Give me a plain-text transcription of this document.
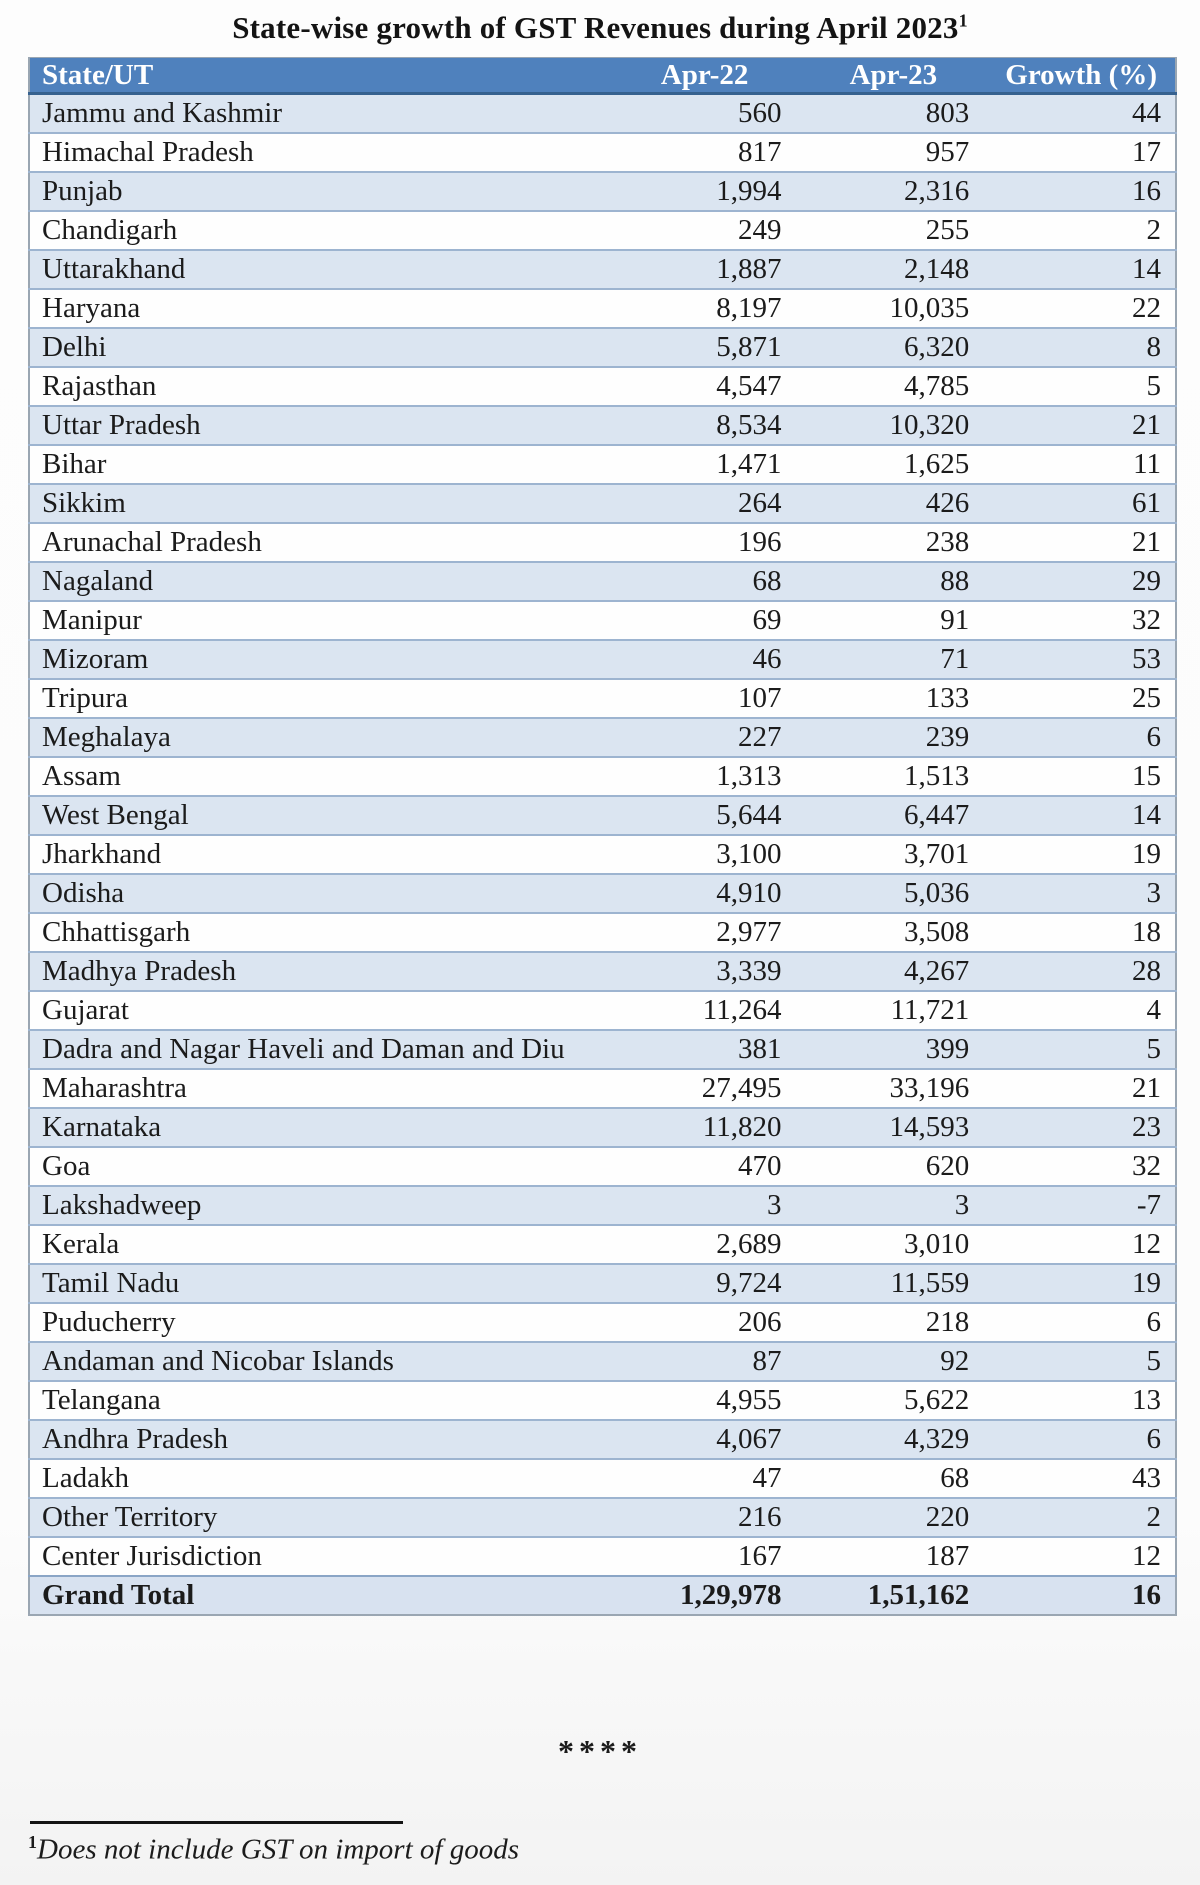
State-wise growth of GST Revenues during April 2023$^1$
State/UT	Apr-22	Apr-23	Growth (%)
Jammu and Kashmir	560	803	44
Himachal Pradesh	817	957	17
Punjab	1,994	2,316	16
Chandigarh	249	255	2
Uttarakhand	1,887	2,148	14
Haryana	8,197	10,035	22
Delhi	5,871	6,320	8
Rajasthan	4,547	4,785	5
Uttar Pradesh	8,534	10,320	21
Bihar	1,471	1,625	11
Sikkim	264	426	61
Arunachal Pradesh	196	238	21
Nagaland	68	88	29
Manipur	69	91	32
Mizoram	46	71	53
Tripura	107	133	25
Meghalaya	227	239	6
Assam	1,313	1,513	15
West Bengal	5,644	6,447	14
Jharkhand	3,100	3,701	19
Odisha	4,910	5,036	3
Chhattisgarh	2,977	3,508	18
Madhya Pradesh	3,339	4,267	28
Gujarat	11,264	11,721	4
Dadra and Nagar Haveli and Daman and Diu	381	399	5
Maharashtra	27,495	33,196	21
Karnataka	11,820	14,593	23
Goa	470	620	32
Lakshadweep	3	3	-7
Kerala	2,689	3,010	12
Tamil Nadu	9,724	11,559	19
Puducherry	206	218	6
Andaman and Nicobar Islands	87	92	5
Telangana	4,955	5,622	13
Andhra Pradesh	4,067	4,329	6
Ladakh	47	68	43
Other Territory	216	220	2
Center Jurisdiction	167	187	12
Grand Total	1,29,978	1,51,162	16
****
$^1$Does not include GST on import of goods
